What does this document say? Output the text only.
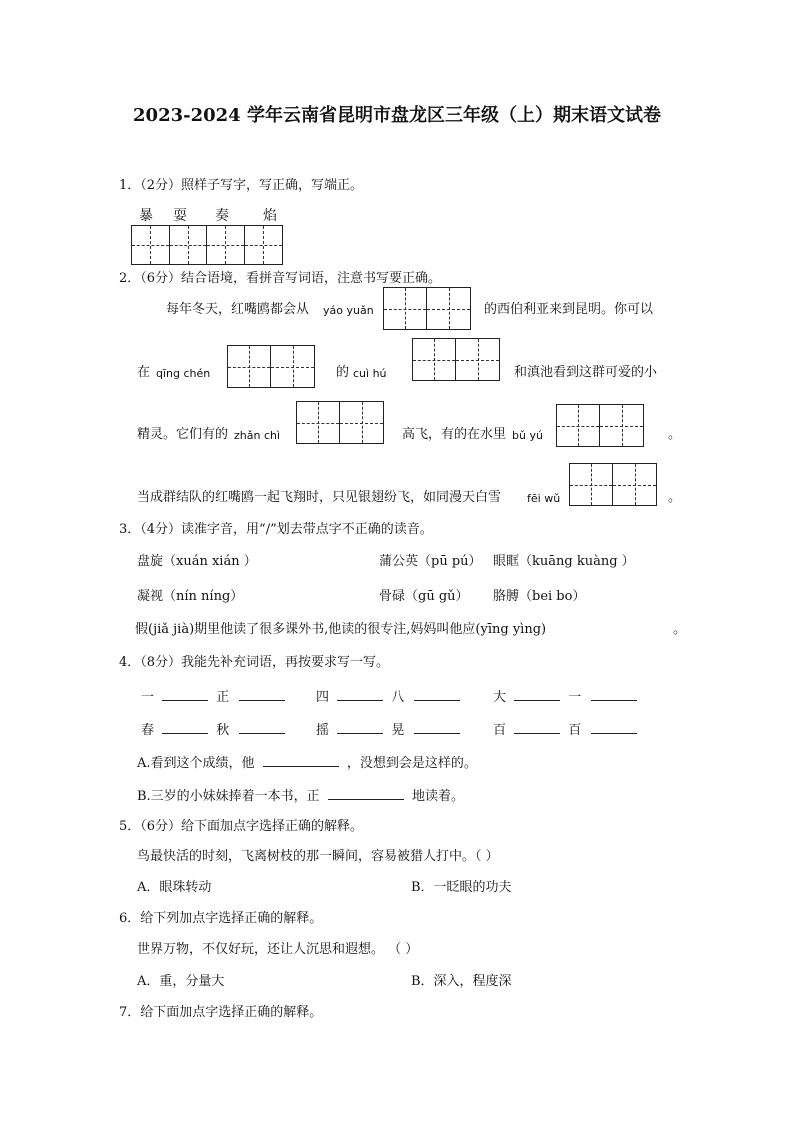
2023-2024 学年云南省昆明市盘龙区三年级（上）期末语文试卷
1．（2分）照样子写字，写正确，写端正。
暴 耍 奏 焰
2．（6分）结合语境，看拼音写词语，注意书写要正确。
每年冬天，红嘴鸥都会从 yáo yuǎn	的西伯利亚来到昆明。你可以
在 qīng chén	的 cuì hú	和滇池看到这群可爱的小
精灵。它们有的 zhǎn chì	高飞，有的在水里 bǔ yú	。
当成群结队的红嘴鸥一起飞翔时，只见银翅纷飞，如同漫天白雪 fēi wǔ	。
3．（4分）读准字音，用“/”划去带点字不正确的读音。
盘旋（xuán xián ）	蒲公英（pū pú） 眼眶（kuāng kuàng ）
凝视（nín níng）	骨碌（gū gǔ） 胳膊（bei bo）
假(jiǎ jià)期里他读了很多课外书,他读的很专注,妈妈叫他应(yīng yìng)	。
4．（8分）我能先补充词语，再按要求写一写。
一	正	四	八	大	一
春	秋	摇	晃	百	百
A.看到这个成绩，他	，没想到会是这样的。
B.三岁的小妹妹捧着一本书，正	地读着。
5．（6分）给下面加点字选择正确的解释。
鸟最快活的时刻，飞离树枝的那一瞬间，容易被猎人打中。（ ）
A．眼珠转动	B．一眨眼的功夫
6．给下列加点字选择正确的解释。
世界万物，不仅好玩，还让人沉思和遐想。 （ ）
A．重，分量大	B．深入，程度深
7．给下面加点字选择正确的解释。
